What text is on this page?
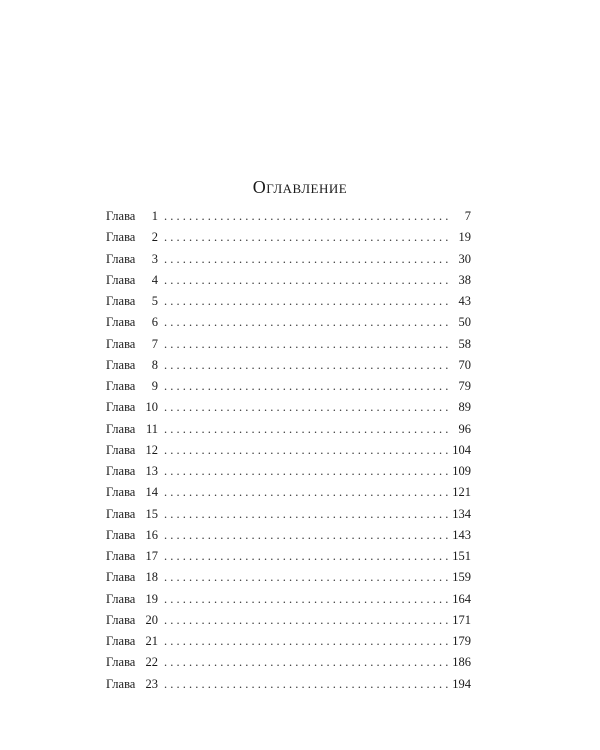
Оглавление
Глава	1 . . .	7
Глава	2 . . .	19
Глава	3 . . .	30
Глава	4 . . .	38
Глава	5 . . .	43
Глава	6 . . .	50
Глава	7 . . .	58
Глава	8 . . .	70
Глава	9 . . .	79
Глава 10 . . .	89
Глава 11 . . .	96
Глава 12 . . .	104
Глава 13 . . .	109
Глава 14 . . .	121
Глава 15 . . .	134
Глава 16 . . .	143
Глава 17 . . .	151
Глава 18 . . .	159
Глава 19 . . .	164
Глава 20 . . .	171
Глава 21 . . .	179
Глава 22 . . .	186
Глава 23 . . .	194
